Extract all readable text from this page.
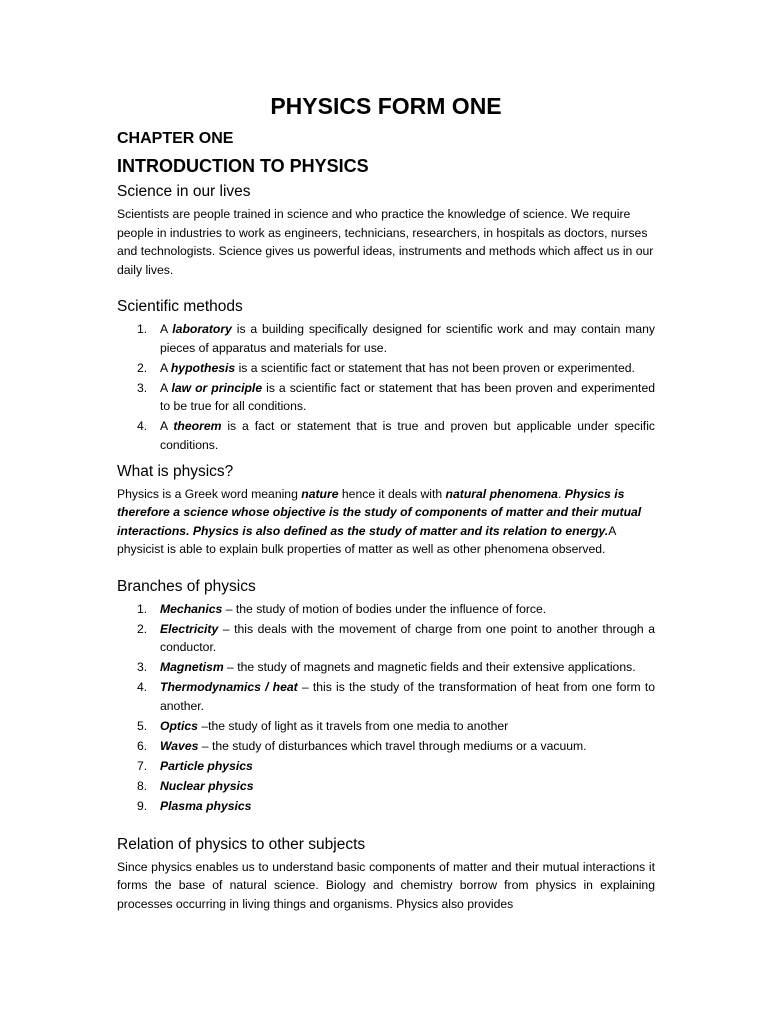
PHYSICS FORM ONE
CHAPTER ONE
INTRODUCTION TO PHYSICS
Science in our lives

Scientists are people trained in science and who practice the knowledge of science. We require people in industries to work as engineers, technicians, researchers, in hospitals as doctors, nurses and technologists. Science gives us powerful ideas, instruments and methods which affect us in our daily lives.

Scientific methods
1. A laboratory is a building specifically designed for scientific work and may contain many pieces of apparatus and materials for use.
2. A hypothesis is a scientific fact or statement that has not been proven or experimented.
3. A law or principle is a scientific fact or statement that has been proven and experimented to be true for all conditions.
4. A theorem is a fact or statement that is true and proven but applicable under specific conditions.
What is physics?

Physics is a Greek word meaning nature hence it deals with natural phenomena. Physics is therefore a science whose objective is the study of components of matter and their mutual interactions. Physics is also defined as the study of matter and its relation to energy.A physicist is able to explain bulk properties of matter as well as other phenomena observed.

Branches of physics
1. Mechanics – the study of motion of bodies under the influence of force.
2. Electricity – this deals with the movement of charge from one point to another through a conductor.
3. Magnetism – the study of magnets and magnetic fields and their extensive applications.
4. Thermodynamics / heat – this is the study of the transformation of heat from one form to another.
5. Optics –the study of light as it travels from one media to another
6. Waves – the study of disturbances which travel through mediums or a vacuum.
7. Particle physics
8. Nuclear physics
9. Plasma physics
Relation of physics to other subjects

Since physics enables us to understand basic components of matter and their mutual interactions it forms the base of natural science. Biology and chemistry borrow from physics in explaining processes occurring in living things and organisms. Physics also provides
